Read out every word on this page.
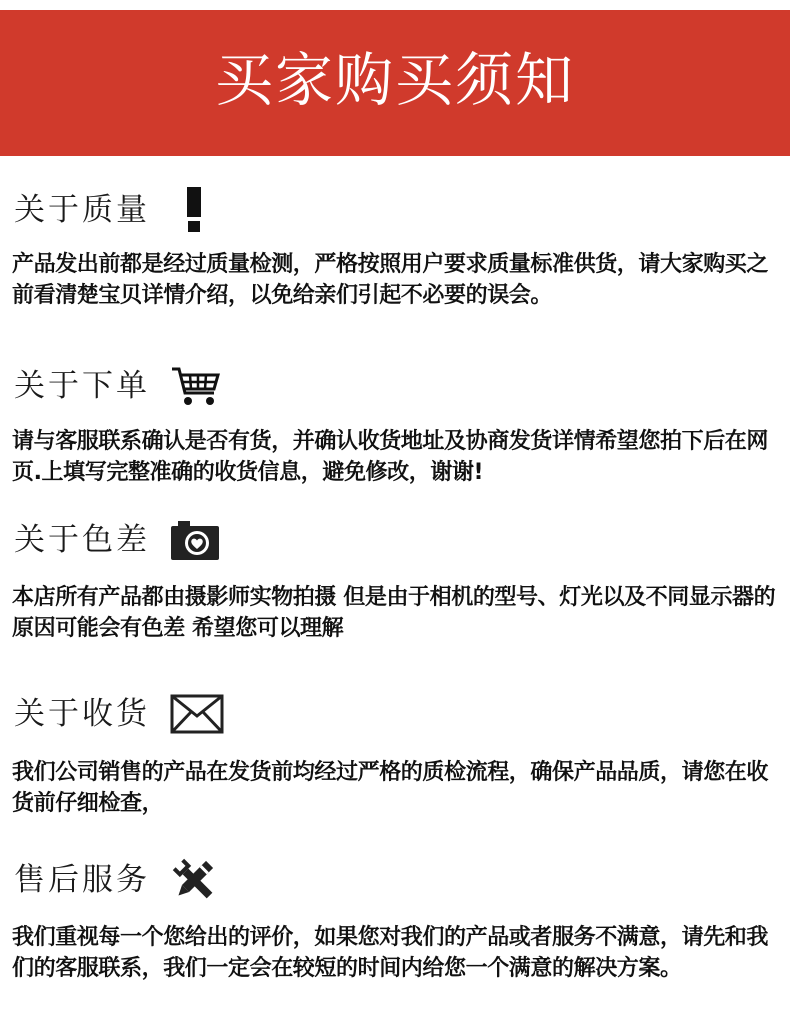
买家购买须知
关于质量
产品发出前都是经过质量检测，严格按照用户要求质量标准供货，请大家购买之前看清楚宝贝详情介绍，以免给亲们引起不必要的误会。
关于下单
请与客服联系确认是否有货，并确认收货地址及协商发货详情希望您拍下后在网页.上填写完整准确的收货信息，避免修改，谢谢!
关于色差
本店所有产品都由摄影师实物拍摄 但是由于相机的型号、灯光以及不同显示器的原因可能会有色差 希望您可以理解
关于收货
我们公司销售的产品在发货前均经过严格的质检流程，确保产品品质，请您在收货前仔细检查，
售后服务
我们重视每一个您给出的评价，如果您对我们的产品或者服务不满意，请先和我们的客服联系，我们一定会在较短的时间内给您一个满意的解决方案。
